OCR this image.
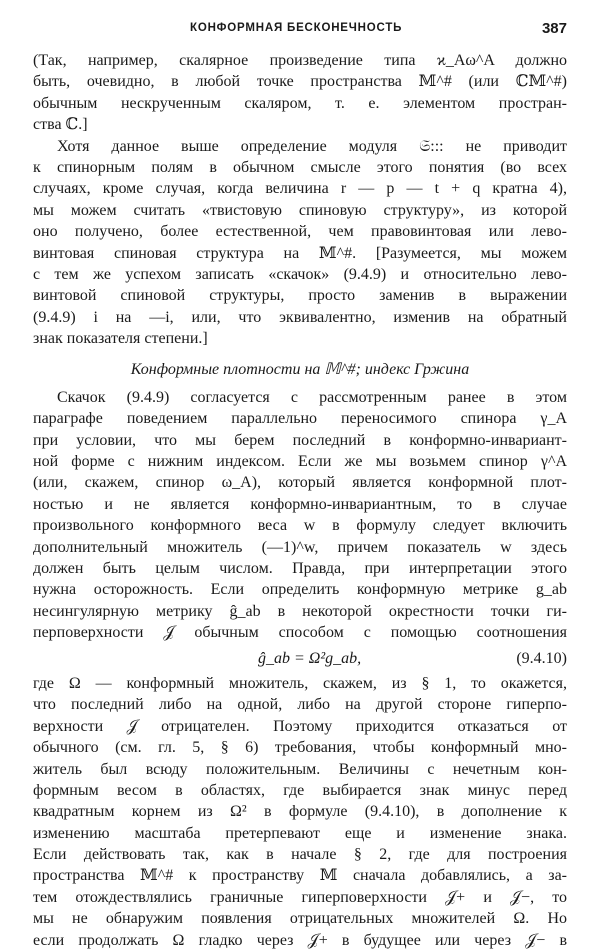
КОНФОРМНАЯ БЕСКОНЕЧНОСТЬ	387
(Так, например, скалярное произведение типа ϰ_Aω^A должно
быть, очевидно, в любой точке пространства 𝕄^# (или ℂ𝕄^#)
обычным нескрученным скаляром, т. е. элементом простран-
ства ℂ.]
Хотя данное выше определение модуля 𝔖::: не приводит
к спинорным полям в обычном смысле этого понятия (во всех
случаях, кроме случая, когда величина r — p — t + q кратна 4),
мы можем считать «твистовую спиновую структуру», из которой
оно получено, более естественной, чем правовинтовая или лево-
винтовая спиновая структура на 𝕄^#. [Разумеется, мы можем
с тем же успехом записать «скачок» (9.4.9) и относительно лево-
винтовой спиновой структуры, просто заменив в выражении
(9.4.9) i на —i, или, что эквивалентно, изменив на обратный
знак показателя степени.]
Конформные плотности на 𝕄^#; индекс Гржина
Скачок (9.4.9) согласуется с рассмотренным ранее в этом
параграфе поведением параллельно переносимого спинора γ_A
при условии, что мы берем последний в конформно-инвариант-
ной форме с нижним индексом. Если же мы возьмем спинор γ^A
(или, скажем, спинор ω_A), который является конформной плот-
ностью и не является конформно-инвариантным, то в случае
произвольного конформного веса w в формулу следует включить
дополнительный множитель (—1)^w, причем показатель w здесь
должен быть целым числом. Правда, при интерпретации этого
нужна осторожность. Если определить конформную метрике g_ab
несингулярную метрику ĝ_ab в некоторой окрестности точки ги-
перповерхности 𝒥 обычным способом с помощью соотношения
ĝ_ab = Ω²g_ab,	(9.4.10)
где Ω — конформный множитель, скажем, из § 1, то окажется,
что последний либо на одной, либо на другой стороне гиперпо-
верхности 𝒥 отрицателен. Поэтому приходится отказаться от
обычного (см. гл. 5, § 6) требования, чтобы конформный мно-
житель был всюду положительным. Величины с нечетным кон-
формным весом в областях, где выбирается знак минус перед
квадратным корнем из Ω² в формуле (9.4.10), в дополнение к
изменению масштаба претерпевают еще и изменение знака.
Если действовать так, как в начале § 2, где для построения
пространства 𝕄^# к пространству 𝕄 сначала добавлялись, а за-
тем отождествлялись граничные гиперповерхности 𝒥+ и 𝒥−, то
мы не обнаружим появления отрицательных множителей Ω. Но
если продолжать Ω гладко через 𝒥+ в будущее или через 𝒥− в
